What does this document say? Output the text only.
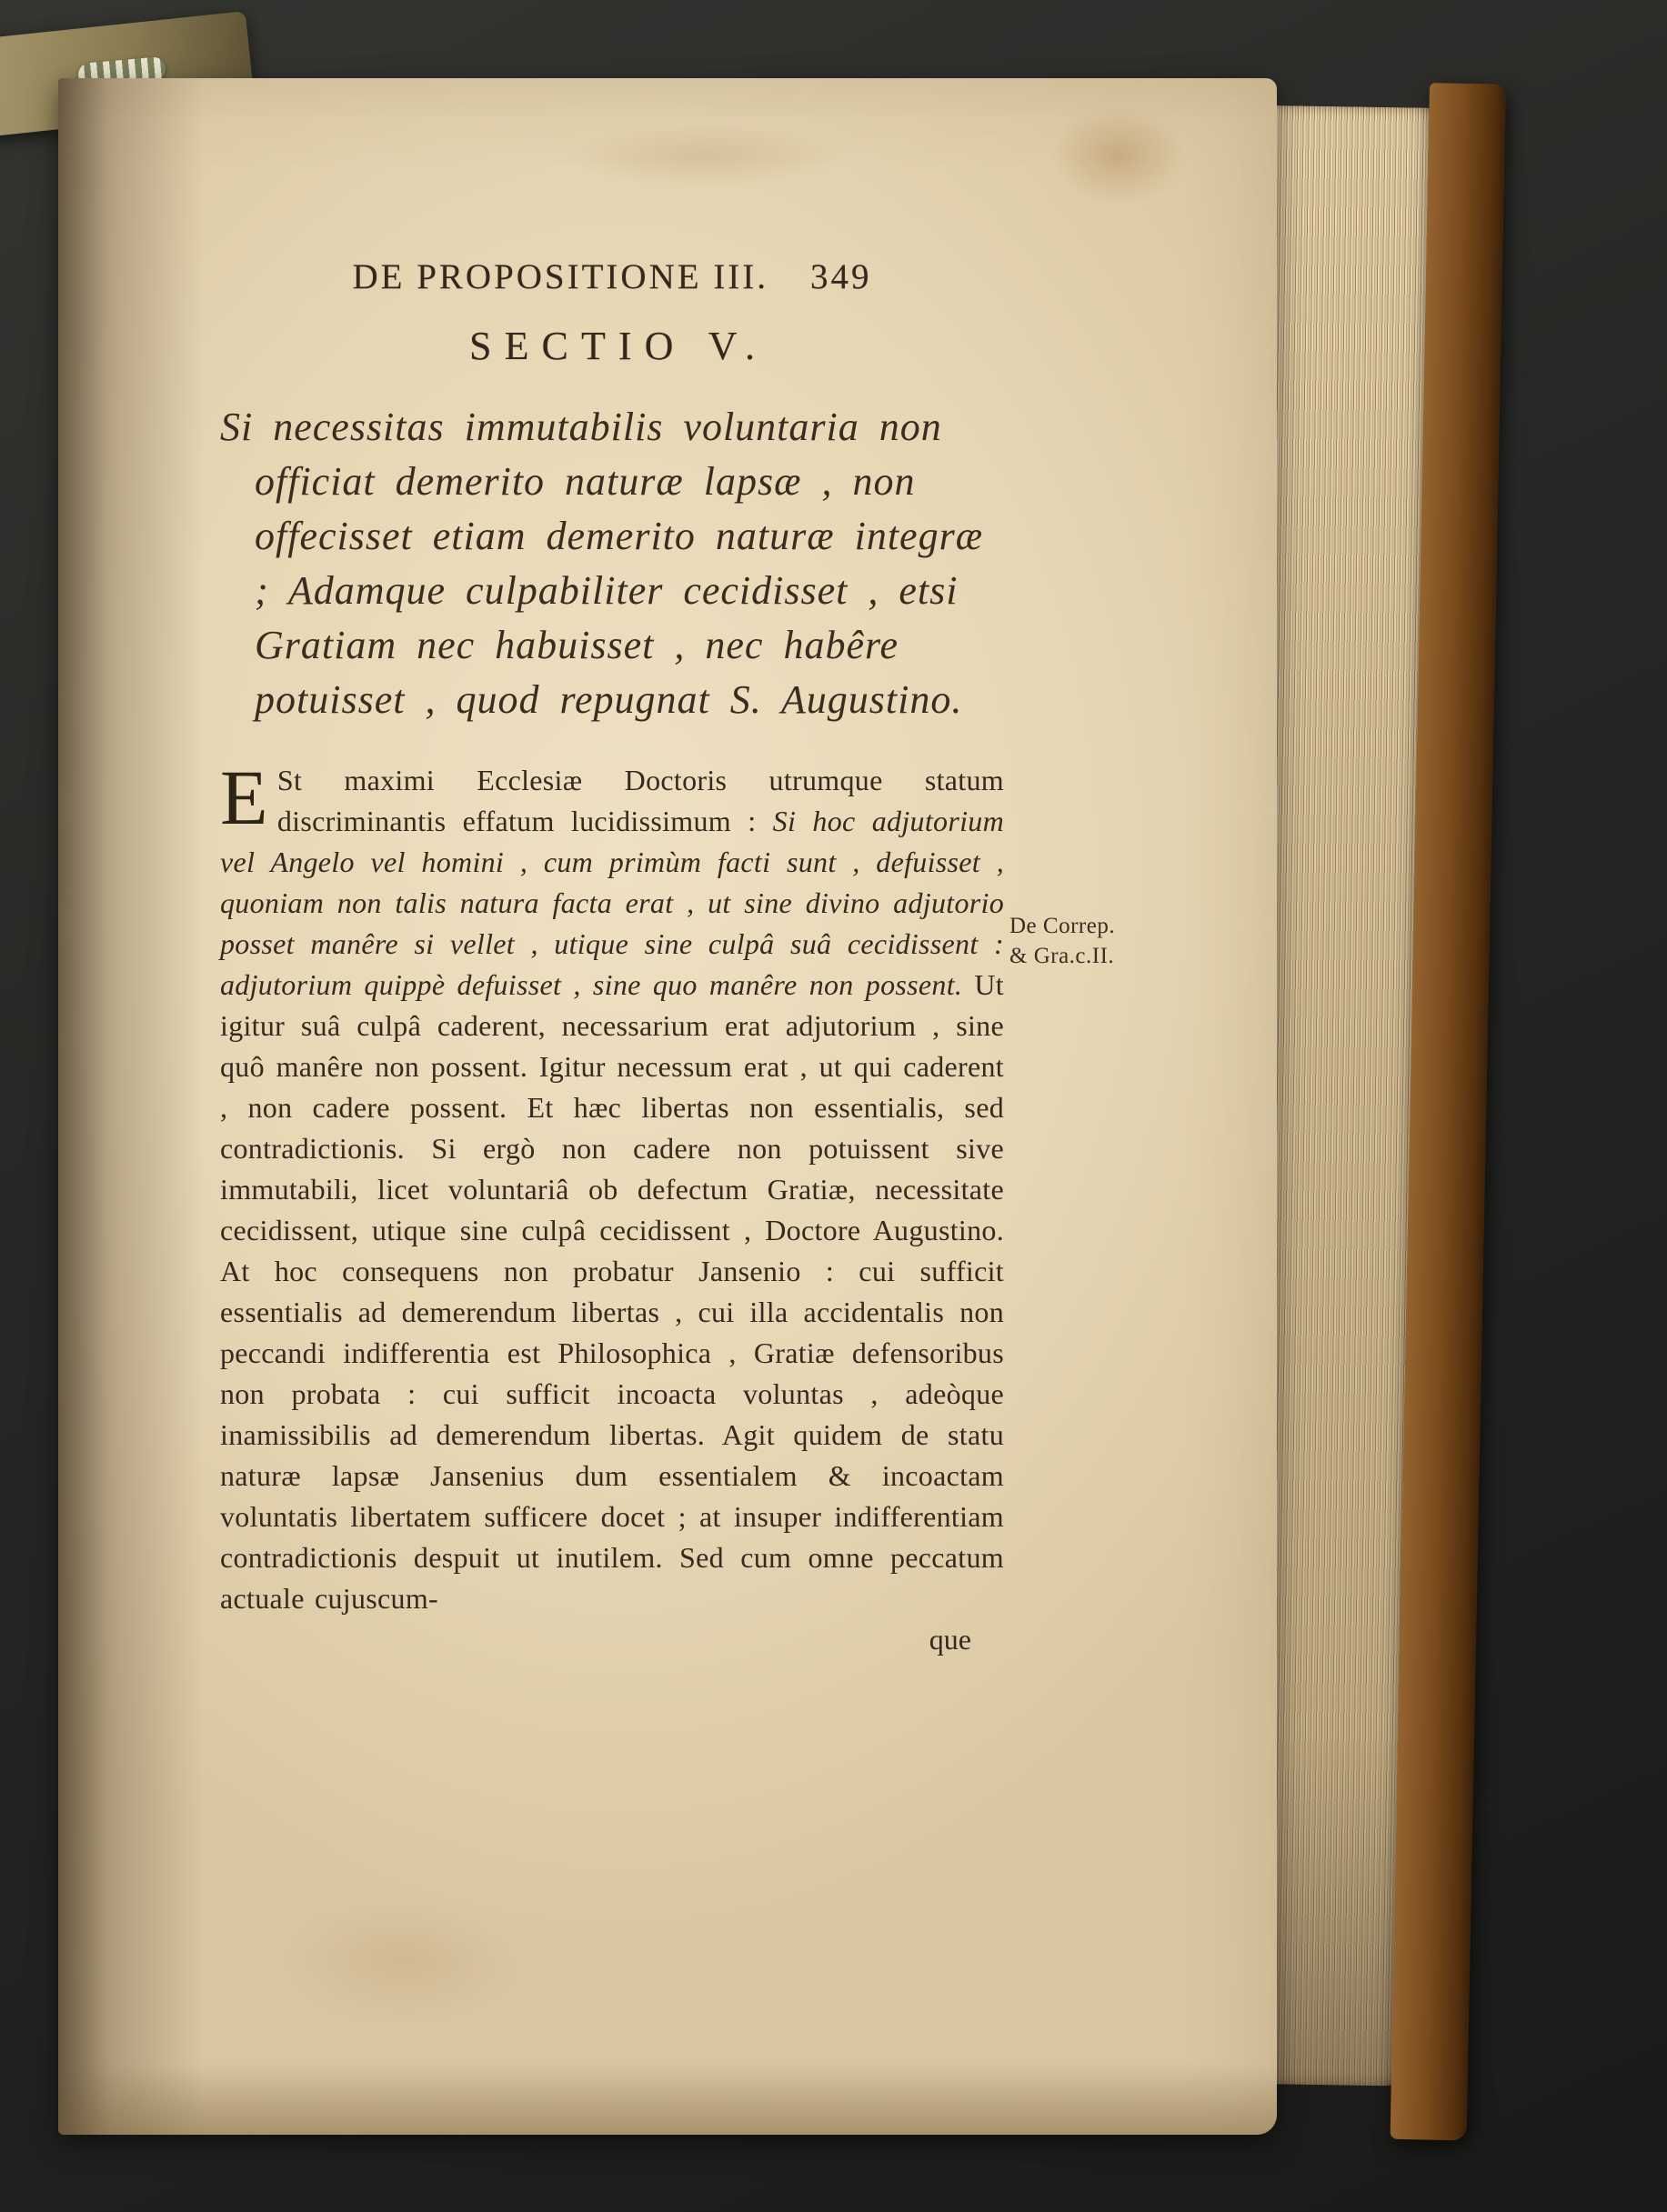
DE PROPOSITIONE III. 349
SECTIO V.
Si necessitas immutabilis voluntaria non officiat demerito naturæ lapsæ , non offecisset etiam demerito naturæ integræ ; Adamque culpabiliter cecidisset , etsi Gratiam nec habuisset , nec habêre potuisset , quod repugnat S. Augustino.
E St maximi Ecclesiæ Doctoris utrumque statum discriminantis effatum lucidissimum : Si hoc adjutorium vel Angelo vel homini , cum primùm facti sunt , defuisset , quoniam non talis natura facta erat , ut sine divino adjutorio posset manêre si vellet , utique sine culpâ suâ cecidissent : adjutorium quippè defuisset , sine quo manêre non possent. Ut igitur suâ culpâ caderent, necessarium erat adjutorium , sine quô manêre non possent. Igitur necessum erat , ut qui caderent , non cadere possent. Et hæc libertas non essentialis, sed contradictionis. Si ergò non cadere non potuissent sive immutabili, licet voluntariâ ob defectum Gratiæ, necessitate cecidissent, utique sine culpâ cecidissent , Doctore Augustino. At hoc consequens non probatur Jansenio : cui sufficit essentialis ad demerendum libertas , cui illa accidentalis non peccandi indifferentia est Philosophica , Gratiæ defensoribus non probata : cui sufficit incoacta voluntas , adeòque inamissibilis ad demerendum libertas. Agit quidem de statu naturæ lapsæ Jansenius dum essentialem & incoactam voluntatis libertatem sufficere docet ; at insuper indifferentiam contradictionis despuit ut inutilem. Sed cum omne peccatum actuale cujuscum-
que
De Correp.
& Gra.c.II.
